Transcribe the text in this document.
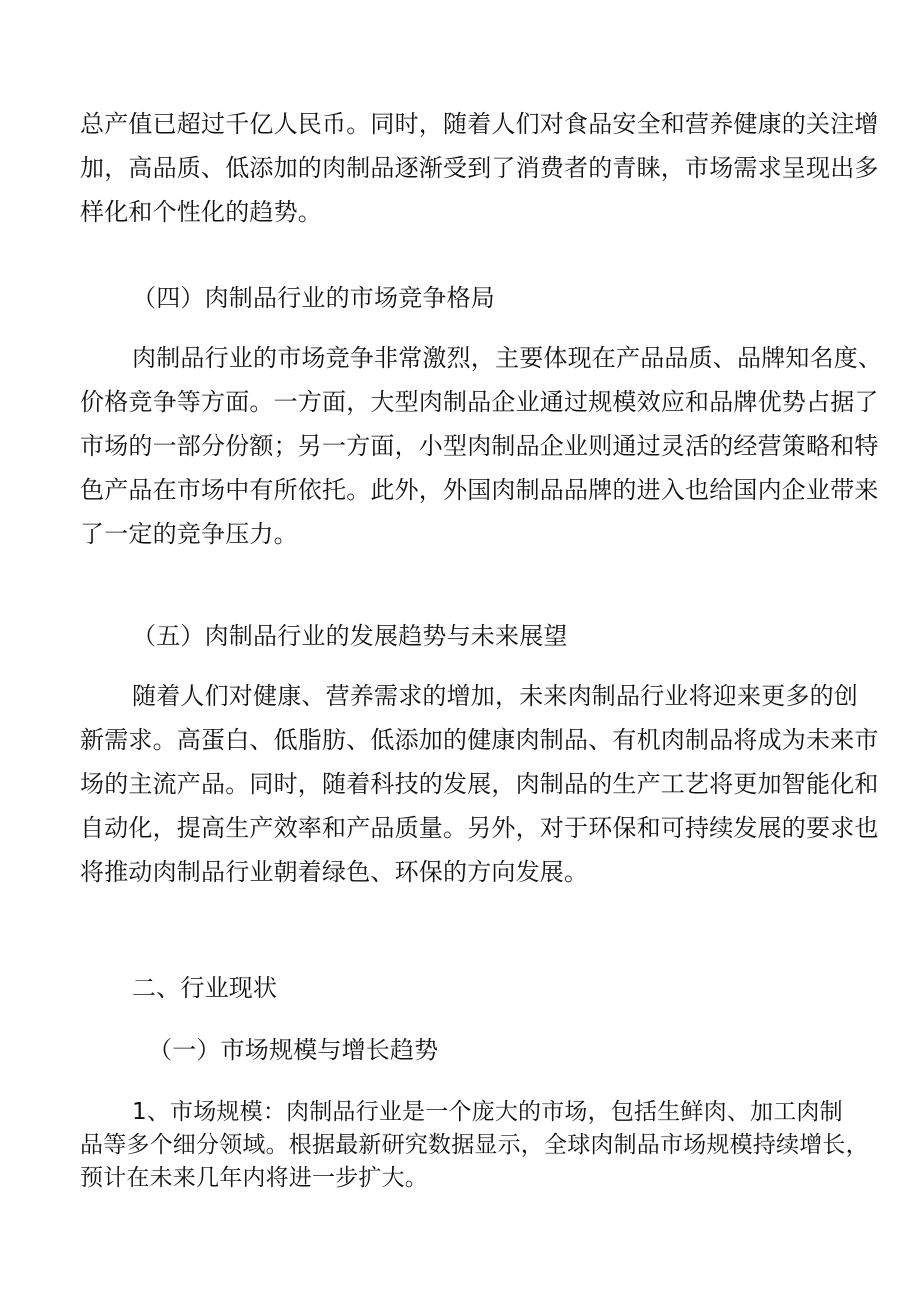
总产值已超过千亿人民币。同时，随着人们对食品安全和营养健康的关注增
加，高品质、低添加的肉制品逐渐受到了消费者的青睐，市场需求呈现出多
样化和个性化的趋势。
（四）肉制品行业的市场竞争格局
肉制品行业的市场竞争非常激烈，主要体现在产品品质、品牌知名度、
价格竞争等方面。一方面，大型肉制品企业通过规模效应和品牌优势占据了
市场的一部分份额；另一方面，小型肉制品企业则通过灵活的经营策略和特
色产品在市场中有所依托。此外，外国肉制品品牌的进入也给国内企业带来
了一定的竞争压力。
（五）肉制品行业的发展趋势与未来展望
随着人们对健康、营养需求的增加，未来肉制品行业将迎来更多的创
新需求。高蛋白、低脂肪、低添加的健康肉制品、有机肉制品将成为未来市
场的主流产品。同时，随着科技的发展，肉制品的生产工艺将更加智能化和
自动化，提高生产效率和产品质量。另外，对于环保和可持续发展的要求也
将推动肉制品行业朝着绿色、环保的方向发展。
二、行业现状
（一）市场规模与增长趋势
1、市场规模：肉制品行业是一个庞大的市场，包括生鲜肉、加工肉制
品等多个细分领域。根据最新研究数据显示，全球肉制品市场规模持续增长，
预计在未来几年内将进一步扩大。
